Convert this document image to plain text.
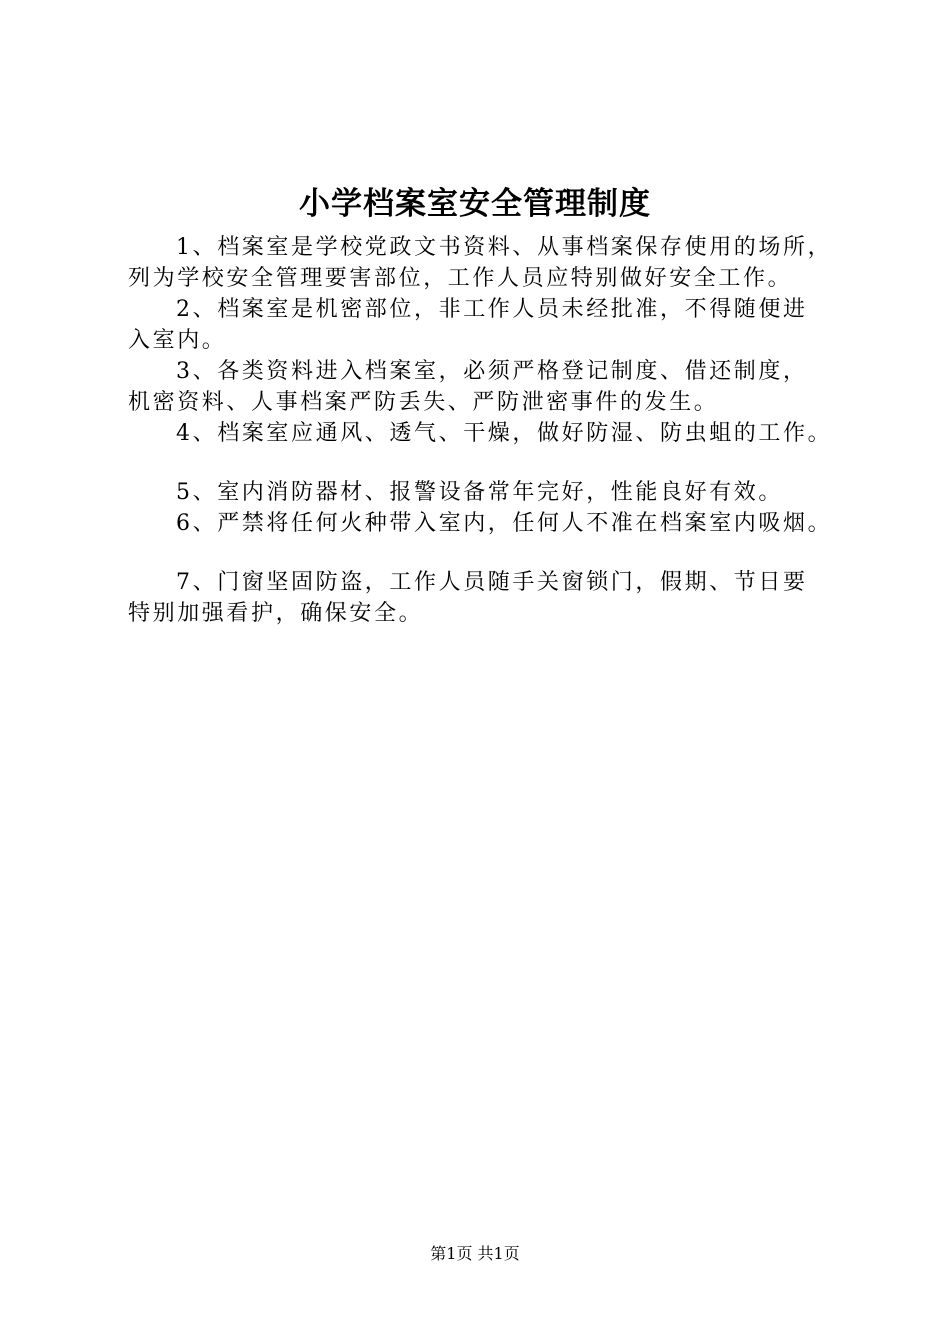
小学档案室安全管理制度

1、档案室是学校党政文书资料、从事档案保存使用的场所，
列为学校安全管理要害部位，工作人员应特别做好安全工作。

2、档案室是机密部位，非工作人员未经批准，不得随便进
入室内。

3、各类资料进入档案室，必须严格登记制度、借还制度，
机密资料、人事档案严防丢失、严防泄密事件的发生。

4、档案室应通风、透气、干燥，做好防湿、防虫蛆的工作。

5、室内消防器材、报警设备常年完好，性能良好有效。

6、严禁将任何火种带入室内，任何人不准在档案室内吸烟。

7、门窗坚固防盗，工作人员随手关窗锁门，假期、节日要
特别加强看护，确保安全。

第1页 共1页
